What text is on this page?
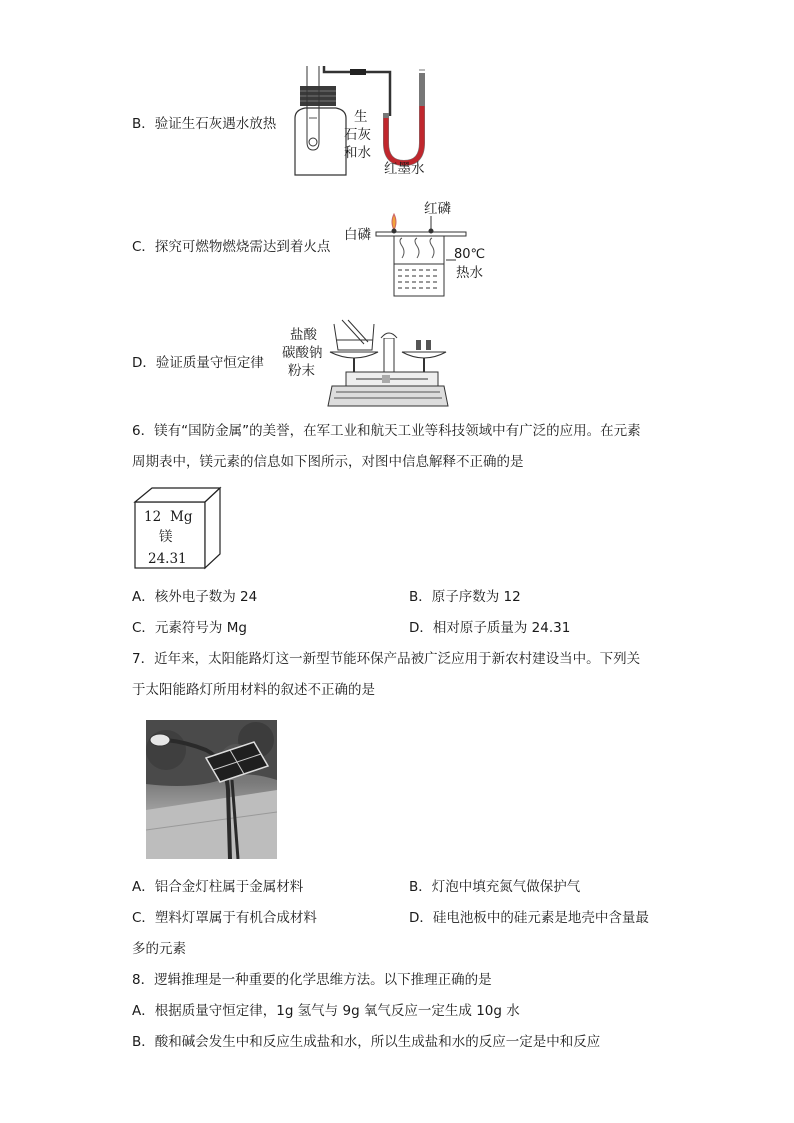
B．验证生石灰遇水放热	生
石灰
和水
红墨水
C．探究可燃物燃烧需达到着火点
红磷
白磷
80℃
热水
D．验证质量守恒定律
盐酸
碳酸钠
粉末
6．镁有“国防金属”的美誉，在军工业和航天工业等科技领域中有广泛的应用。在元素
周期表中，镁元素的信息如下图所示，对图中信息解释不正确的是
12 Mg
镁
24.31
A．核外电子数为 24	B．原子序数为 12
C．元素符号为 Mg	D．相对原子质量为 24.31
7．近年来，太阳能路灯这一新型节能环保产品被广泛应用于新农村建设当中。下列关
于太阳能路灯所用材料的叙述不正确的是
A．铝合金灯柱属于金属材料	B．灯泡中填充氮气做保护气
C．塑料灯罩属于有机合成材料	D．硅电池板中的硅元素是地壳中含量最
多的元素
8．逻辑推理是一种重要的化学思维方法。以下推理正确的是
A．根据质量守恒定律，1g 氢气与 9g 氧气反应一定生成 10g 水
B．酸和碱会发生中和反应生成盐和水，所以生成盐和水的反应一定是中和反应
